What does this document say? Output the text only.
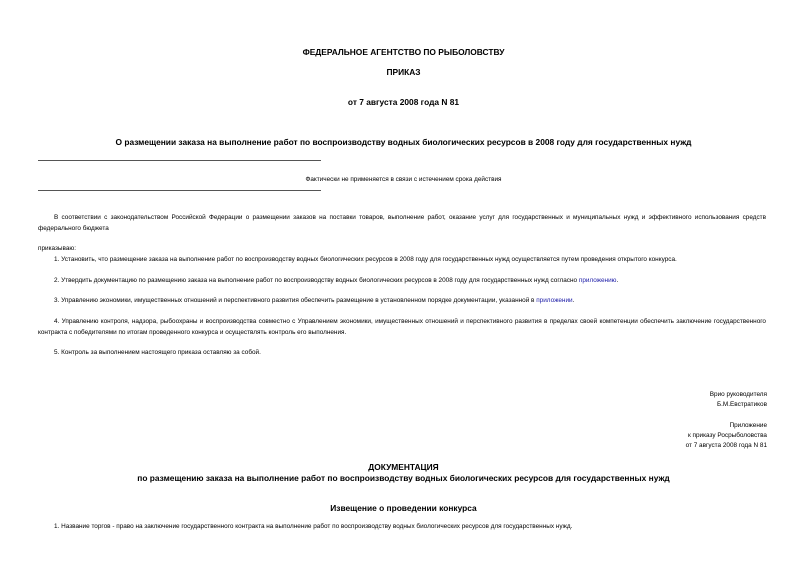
ФЕДЕРАЛЬНОЕ АГЕНТСТВО ПО РЫБОЛОВСТВУ
ПРИКАЗ
от 7 августа 2008 года N 81
О размещении заказа на выполнение работ по воспроизводству водных биологических ресурсов в 2008 году для государственных нужд
Фактически не применяется в связи с истечением срока действия
В соответствии с законодательством Российской Федерации о размещении заказов на поставки товаров, выполнение работ, оказание услуг для государственных и муниципальных нужд и эффективного использования средств федерального бюджета
приказываю:
1. Установить, что размещение заказа на выполнение работ по воспроизводству водных биологических ресурсов в 2008 году для государственных нужд осуществляется путем проведения открытого конкурса.
2. Утвердить документацию по размещению заказа на выполнение работ по воспроизводству водных биологических ресурсов в 2008 году для государственных нужд согласно приложению.
3. Управлению экономики, имущественных отношений и перспективного развития обеспечить размещение в установленном порядке документации, указанной в приложении.
4. Управлению контроля, надзора, рыбоохраны и воспроизводства совместно с Управлением экономики, имущественных отношений и перспективного развития в пределах своей компетенции обеспечить заключение государственного контракта с победителями по итогам проведенного конкурса и осуществлять контроль его выполнения.
5. Контроль за выполнением настоящего приказа оставляю за собой.
Врио руководителя
Б.М.Евстратиков
Приложение
к приказу Росрыболовства
от 7 августа 2008 года N 81
ДОКУМЕНТАЦИЯ
по размещению заказа на выполнение работ по воспроизводству водных биологических ресурсов для государственных нужд
Извещение о проведении конкурса
1. Название торгов - право на заключение государственного контракта на выполнение работ по воспроизводству водных биологических ресурсов для государственных нужд.
